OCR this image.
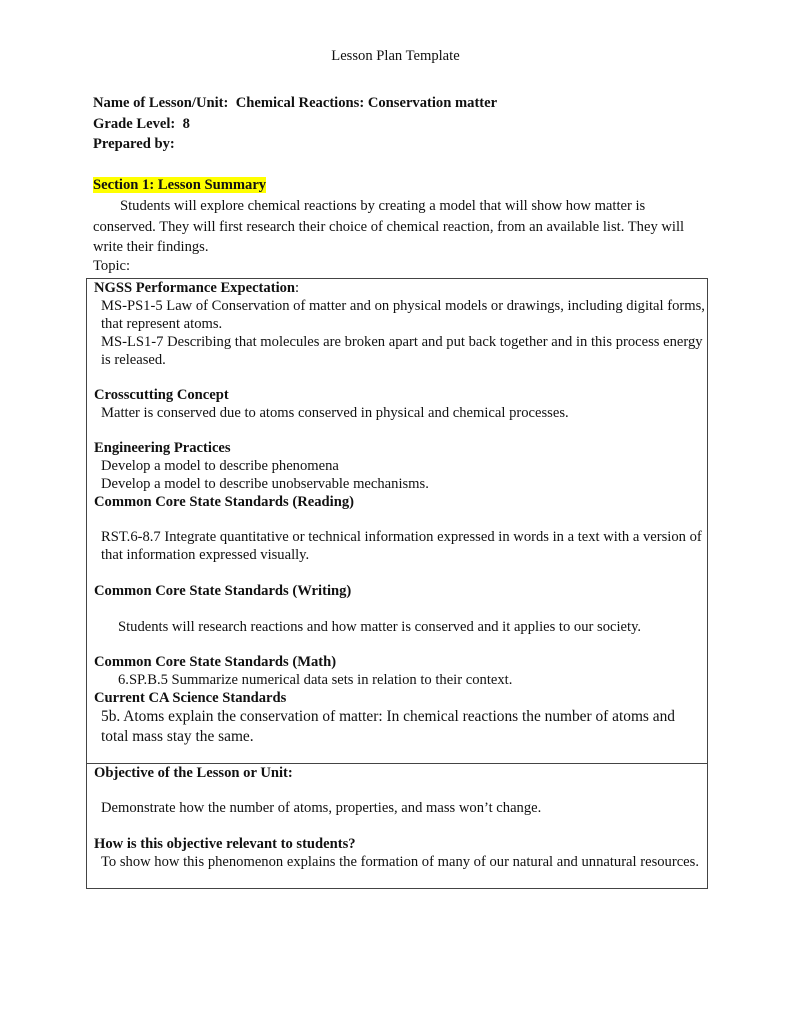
Lesson Plan Template
Name of Lesson/Unit: Chemical Reactions: Conservation matter
Grade Level: 8
Prepared by:
Section 1: Lesson Summary

Students will explore chemical reactions by creating a model that will show how matter is conserved. They will first research their choice of chemical reaction, from an available list. They will write their findings.

Topic:
NGSS Performance Expectation:
MS-PS1-5 Law of Conservation of matter and on physical models or drawings, including digital forms, that represent atoms.
MS-LS1-7 Describing that molecules are broken apart and put back together and in this process energy is released.
Crosscutting Concept
Matter is conserved due to atoms conserved in physical and chemical processes.
Engineering Practices
Develop a model to describe phenomena
Develop a model to describe unobservable mechanisms.
Common Core State Standards (Reading)
RST.6-8.7 Integrate quantitative or technical information expressed in words in a text with a version of that information expressed visually.
Common Core State Standards (Writing)
Students will research reactions and how matter is conserved and it applies to our society.
Common Core State Standards (Math)
6.SP.B.5 Summarize numerical data sets in relation to their context.
Current CA Science Standards
5b. Atoms explain the conservation of matter: In chemical reactions the number of atoms and total mass stay the same.
Objective of the Lesson or Unit:
Demonstrate how the number of atoms, properties, and mass won’t change.
How is this objective relevant to students?
To show how this phenomenon explains the formation of many of our natural and unnatural resources.
